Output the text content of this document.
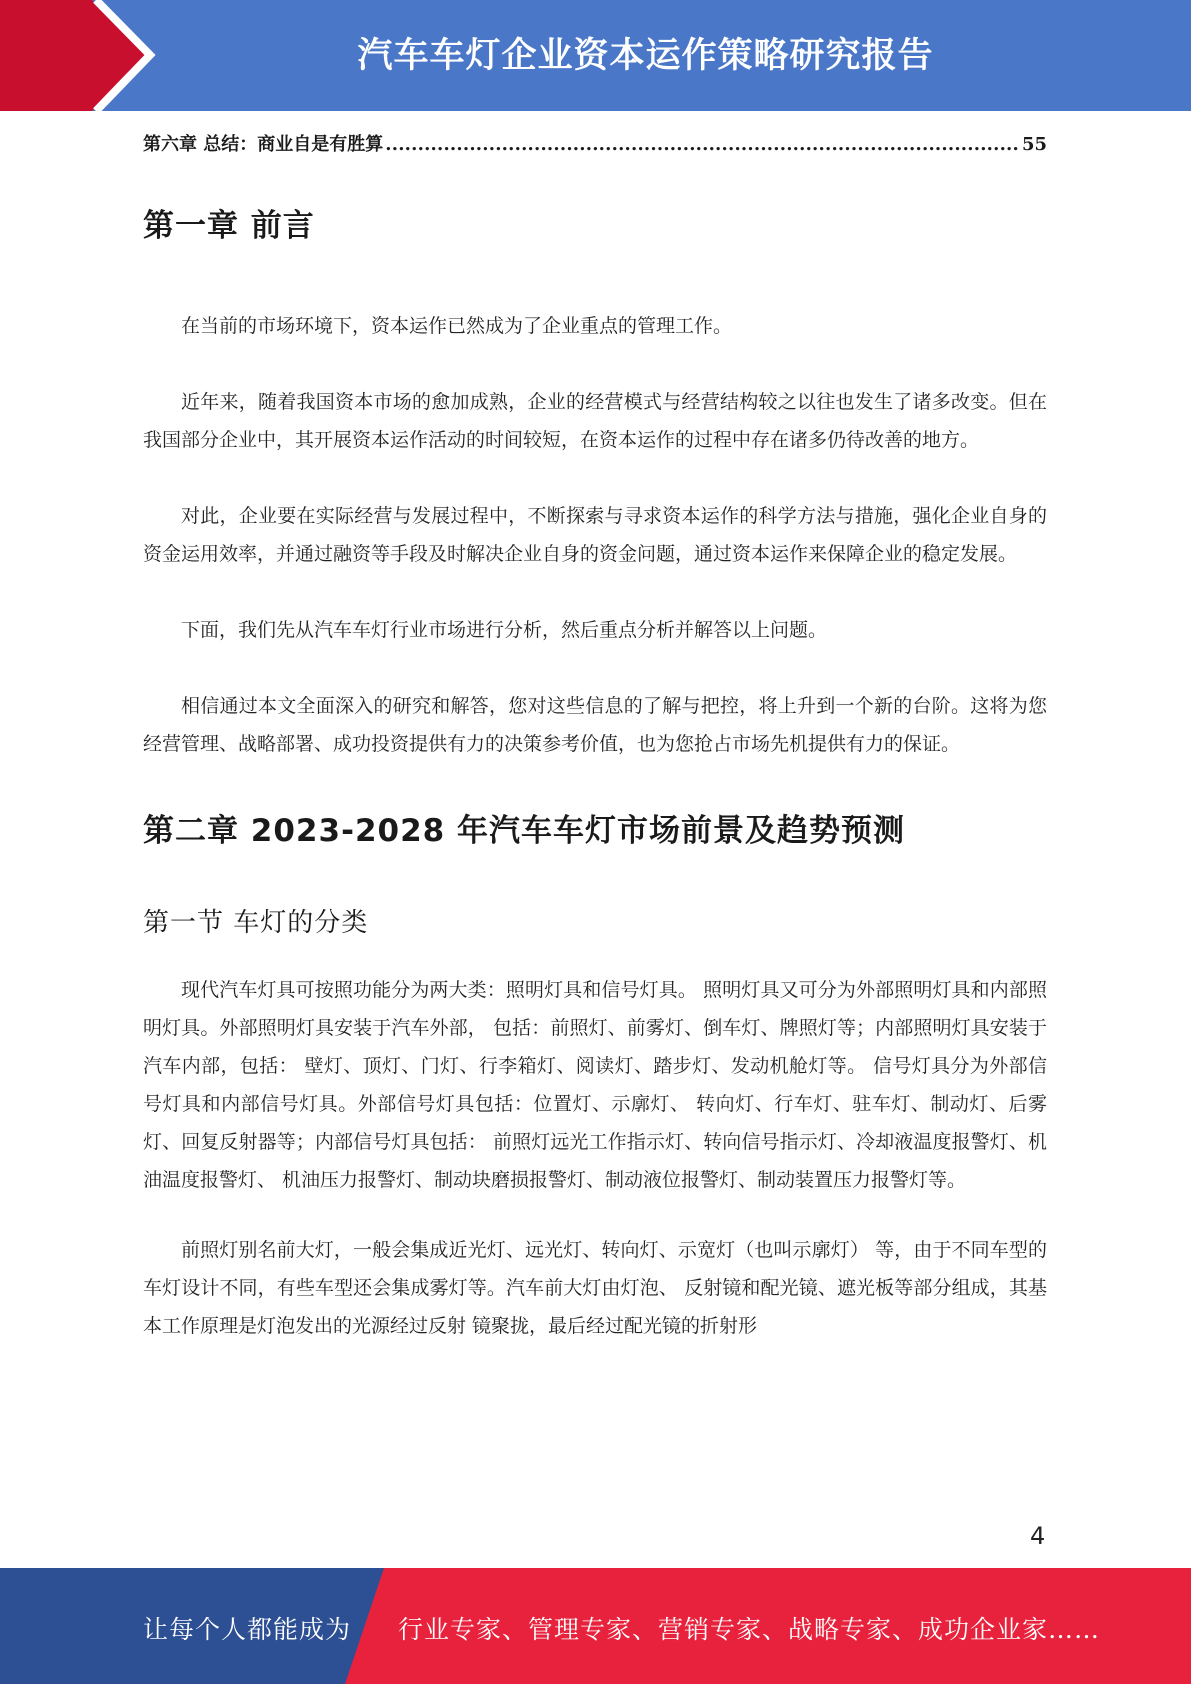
汽车车灯企业资本运作策略研究报告
第六章 总结：商业自是有胜算
.....	55
第一章 前言

在当前的市场环境下，资本运作已然成为了企业重点的管理工作。

近年来，随着我国资本市场的愈加成熟，企业的经营模式与经营结构较之以往也发生了诸多改变。但在我国部分企业中，其开展资本运作活动的时间较短，在资本运作的过程中存在诸多仍待改善的地方。

对此，企业要在实际经营与发展过程中，不断探索与寻求资本运作的科学方法与措施，强化企业自身的资金运用效率，并通过融资等手段及时解决企业自身的资金问题，通过资本运作来保障企业的稳定发展。

下面，我们先从汽车车灯行业市场进行分析，然后重点分析并解答以上问题。

相信通过本文全面深入的研究和解答，您对这些信息的了解与把控，将上升到一个新的台阶。这将为您经营管理、战略部署、成功投资提供有力的决策参考价值，也为您抢占市场先机提供有力的保证。

第二章 2023-2028 年汽车车灯市场前景及趋势预测
第一节 车灯的分类

现代汽车灯具可按照功能分为两大类：照明灯具和信号灯具。 照明灯具又可分为外部照明灯具和内部照明灯具。外部照明灯具安装于汽车外部， 包括：前照灯、前雾灯、倒车灯、牌照灯等；内部照明灯具安装于汽车内部，包括： 壁灯、顶灯、门灯、行李箱灯、阅读灯、踏步灯、发动机舱灯等。 信号灯具分为外部信号灯具和内部信号灯具。外部信号灯具包括：位置灯、示廓灯、 转向灯、行车灯、驻车灯、制动灯、后雾灯、回复反射器等；内部信号灯具包括： 前照灯远光工作指示灯、转向信号指示灯、冷却液温度报警灯、机油温度报警灯、 机油压力报警灯、制动块磨损报警灯、制动液位报警灯、制动装置压力报警灯等。

前照灯别名前大灯，一般会集成近光灯、远光灯、转向灯、示宽灯（也叫示廓灯） 等，由于不同车型的车灯设计不同，有些车型还会集成雾灯等。汽车前大灯由灯泡、 反射镜和配光镜、遮光板等部分组成，其基本工作原理是灯泡发出的光源经过反射 镜聚拢，最后经过配光镜的折射形

4
让每个人都能成为 行业专家、管理专家、营销专家、战略专家、成功企业家……
